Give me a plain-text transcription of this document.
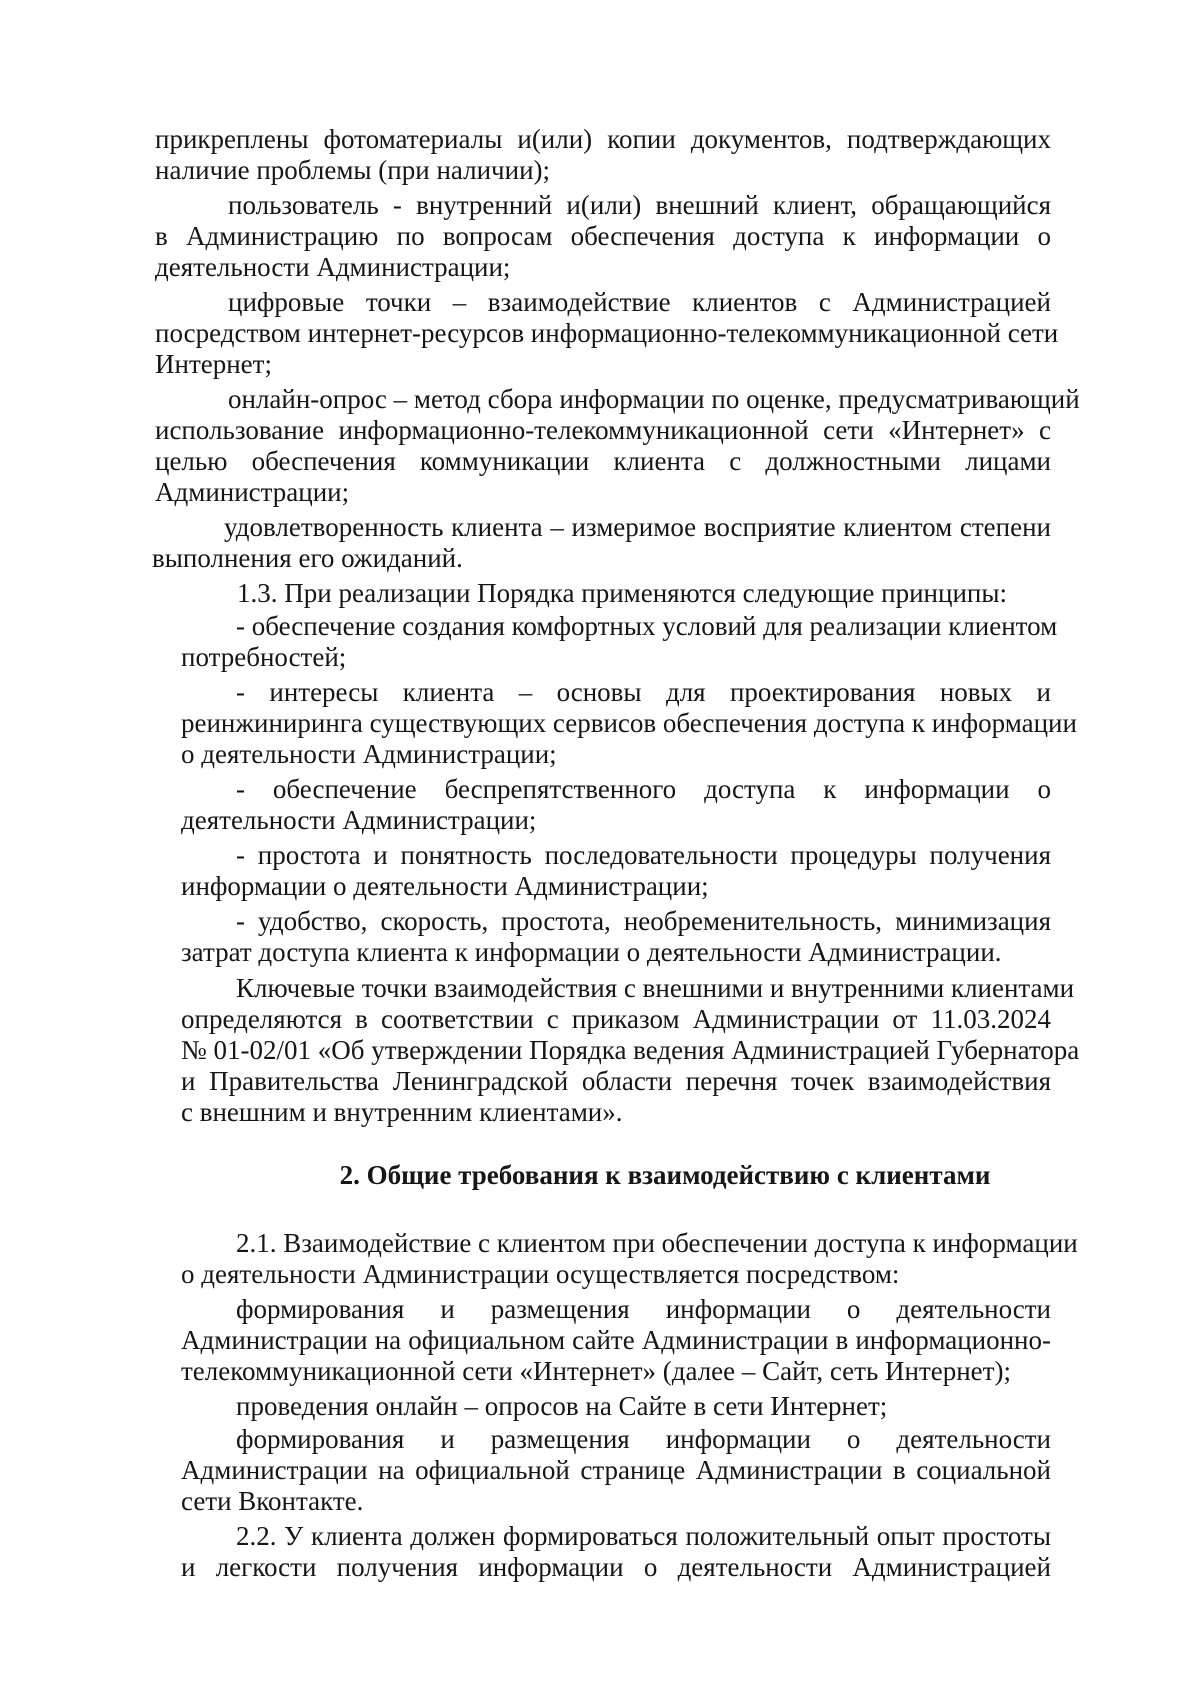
прикреплены фотоматериалы и(или) копии документов, подтверждающих
наличие проблемы (при наличии);
пользователь - внутренний и(или) внешний клиент, обращающийся
в Администрацию по вопросам обеспечения доступа к информации о
деятельности Администрации;
цифровые точки – взаимодействие клиентов с Администрацией
посредством интернет-ресурсов информационно-телекоммуникационной сети
Интернет;
онлайн-опрос – метод сбора информации по оценке, предусматривающий
использование информационно-телекоммуникационной сети «Интернет» с
целью обеспечения коммуникации клиента с должностными лицами
Администрации;
удовлетворенность клиента – измеримое восприятие клиентом степени
выполнения его ожиданий.
1.3. При реализации Порядка применяются следующие принципы:
- обеспечение создания комфортных условий для реализации клиентом
потребностей;
- интересы клиента – основы для проектирования новых и
реинжиниринга существующих сервисов обеспечения доступа к информации
о деятельности Администрации;
- обеспечение беспрепятственного доступа к информации о
деятельности Администрации;
- простота и понятность последовательности процедуры получения
информации о деятельности Администрации;
- удобство, скорость, простота, необременительность, минимизация
затрат доступа клиента к информации о деятельности Администрации.
Ключевые точки взаимодействия с внешними и внутренними клиентами
определяются в соответствии с приказом Администрации от 11.03.2024
№ 01-02/01 «Об утверждении Порядка ведения Администрацией Губернатора
и Правительства Ленинградской области перечня точек взаимодействия
с внешним и внутренним клиентами».
2. Общие требования к взаимодействию с клиентами
2.1. Взаимодействие с клиентом при обеспечении доступа к информации
о деятельности Администрации осуществляется посредством:
формирования и размещения информации о деятельности
Администрации на официальном сайте Администрации в информационно-
телекоммуникационной сети «Интернет» (далее – Сайт, сеть Интернет);
проведения онлайн – опросов на Сайте в сети Интернет;
формирования и размещения информации о деятельности
Администрации на официальной странице Администрации в социальной
сети Вконтакте.
2.2. У клиента должен формироваться положительный опыт простоты
и легкости получения информации о деятельности Администрацией
